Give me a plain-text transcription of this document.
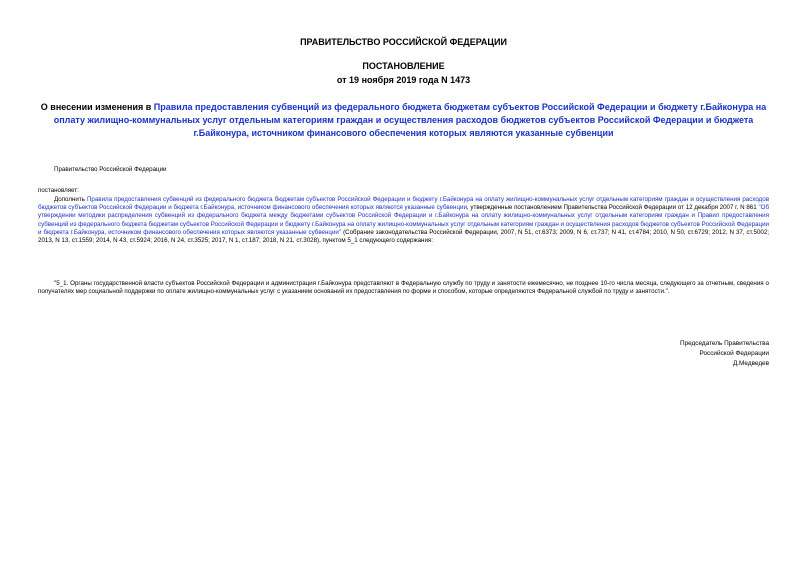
ПРАВИТЕЛЬСТВО РОССИЙСКОЙ ФЕДЕРАЦИИ
ПОСТАНОВЛЕНИЕ
от 19 ноября 2019 года N 1473
О внесении изменения в Правила предоставления субвенций из федерального бюджета бюджетам субъектов Российской Федерации и бюджету г.Байконура на оплату жилищно-коммунальных услуг отдельным категориям граждан и осуществления расходов бюджетов субъектов Российской Федерации и бюджета г.Байконура, источником финансового обеспечения которых являются указанные субвенции
Правительство Российской Федерации
постановляет:
Дополнить Правила предоставления субвенций из федерального бюджета бюджетам субъектов Российской Федерации и бюджету г.Байконура на оплату жилищно-коммунальных услуг отдельным категориям граждан и осуществления расходов бюджетов субъектов Российской Федерации и бюджета г.Байконура, источником финансового обеспечения которых являются указанные субвенции, утвержденные постановлением Правительства Российской Федерации от 12 декабря 2007 г. N 861 "Об утверждении методики распределения субвенций из федерального бюджета между бюджетами субъектов Российской Федерации и г.Байконура на оплату жилищно-коммунальных услуг отдельным категориям граждан и Правил предоставления субвенций из федерального бюджета бюджетам субъектов Российской Федерации и бюджету г.Байконура на оплату жилищно-коммунальных услуг отдельным категориям граждан и осуществления расходов бюджетов субъектов Российской Федерации и бюджета г.Байконура, источником финансового обеспечения которых являются указанные субвенции" (Собрание законодательства Российской Федерации, 2007, N 51, ст.6373; 2009, N 6, ст.737; N 41, ст.4784; 2010, N 50, ст.6729; 2012, N 37, ст.5002; 2013, N 13, ст.1559; 2014, N 43, ст.5924; 2016, N 24, ст.3525; 2017, N 1, ст.187; 2018, N 21, ст.3028), пунктом 5_1 следующего содержания:
"5_1. Органы государственной власти субъектов Российской Федерации и администрация г.Байконура представляют в Федеральную службу по труду и занятости ежемесячно, не позднее 10-го числа месяца, следующего за отчетным, сведения о получателях мер социальной поддержки по оплате жилищно-коммунальных услуг с указанием оснований их предоставления по форме и способом, которые определяются Федеральной службой по труду и занятости.".
Председатель Правительства
Российской Федерации
Д.Медведев
